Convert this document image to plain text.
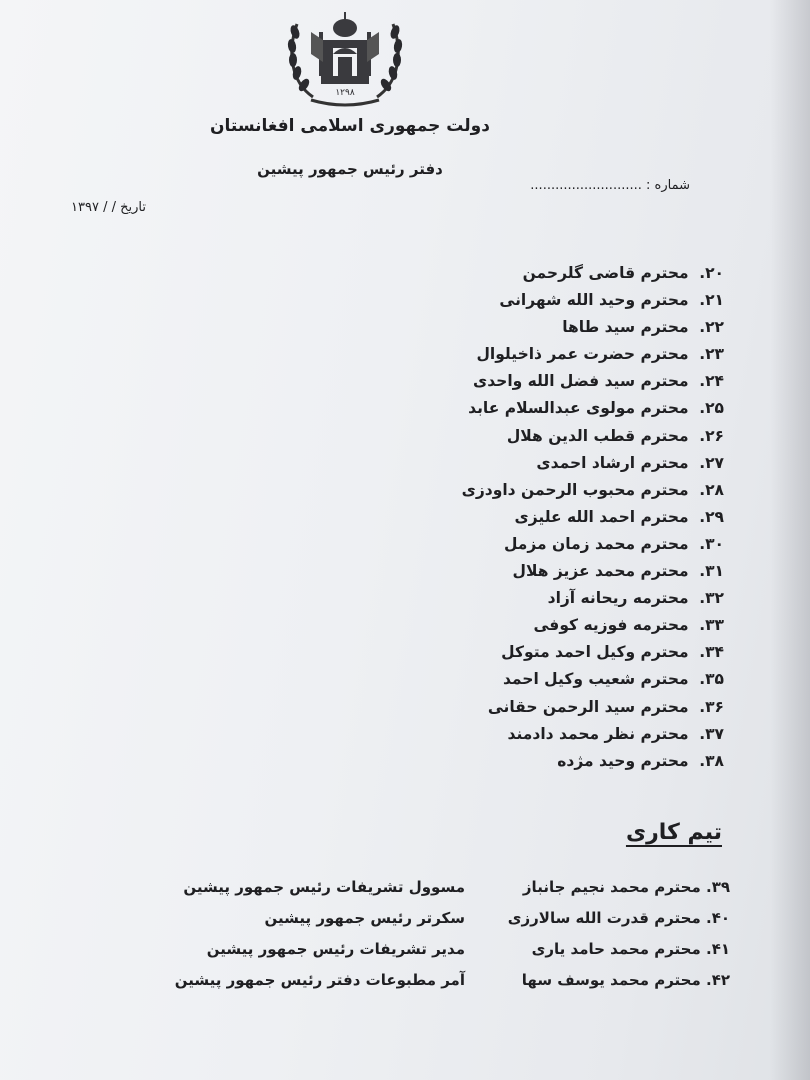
۱۲۹۸
دولت جمهوری اسلامی افغانستان
دفتر رئیس جمهور پیشین
شماره : ...........................
تاریخ / / ۱۳۹۷
۲۰. محترم قاضی گلرحمن
۲۱. محترم وحید الله شهرانی
۲۲. محترم سید طاها
۲۳. محترم حضرت عمر ذاخیلوال
۲۴. محترم سید فضل الله واحدی
۲۵. محترم مولوی عبدالسلام عابد
۲۶. محترم قطب الدین هلال
۲۷. محترم ارشاد احمدی
۲۸. محترم محبوب الرحمن داودزی
۲۹. محترم احمد الله علیزی
۳۰. محترم محمد زمان مزمل
۳۱. محترم محمد عزیز هلال
۳۲. محترمه ریحانه آزاد
۳۳. محترمه فوزیه کوفی
۳۴. محترم وکیل احمد متوکل
۳۵. محترم شعیب وکیل احمد
۳۶. محترم سید الرحمن حقانی
۳۷. محترم نظر محمد دادمند
۳۸. محترم وحید مژده
تیم کاری
۳۹. محترم محمد نجیم جانباز
مسوول تشریفات رئیس جمهور پیشین
۴۰. محترم قدرت الله سالارزی
سکرتر رئیس جمهور پیشین
۴۱. محترم محمد حامد یاری
مدیر تشریفات رئیس جمهور پیشین
۴۲. محترم محمد یوسف سها
آمر مطبوعات دفتر رئیس جمهور پیشین
